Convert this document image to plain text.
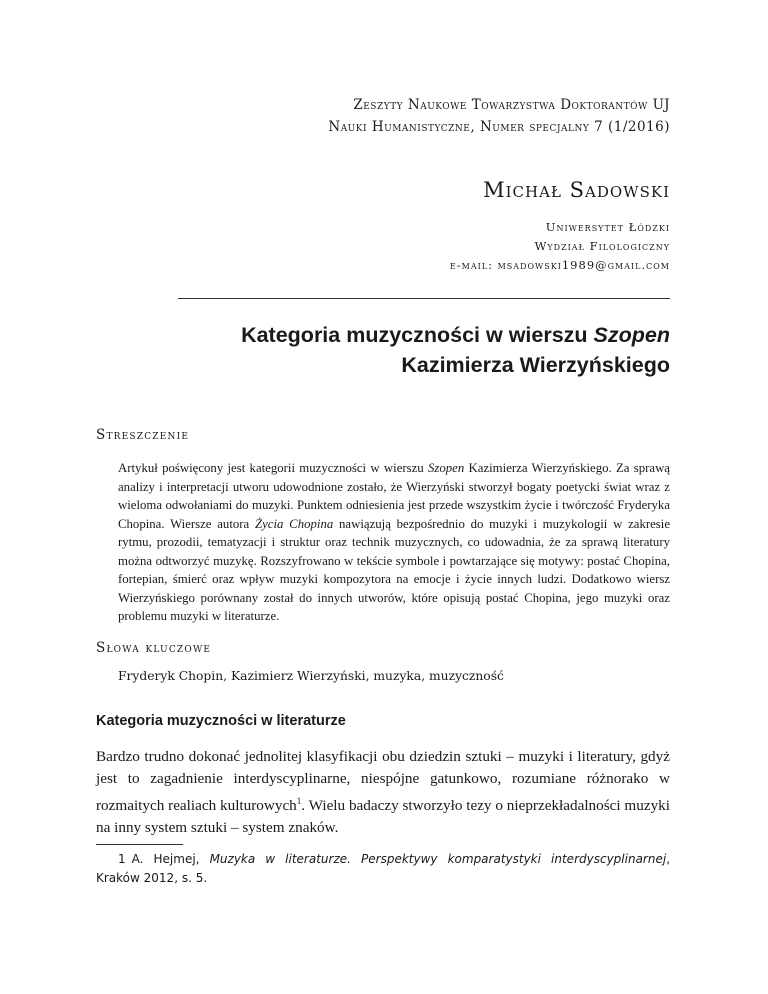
Zeszyty Naukowe Towarzystwa Doktorantów UJ
Nauki Humanistyczne, Numer specjalny 7 (1/2016)
Michał Sadowski
Uniwersytet Łódzki
Wydział Filologiczny
e-mail: msadowski1989@gmail.com
Kategoria muzyczności w wierszu Szopen
Kazimierza Wierzyńskiego
Streszczenie
Artykuł poświęcony jest kategorii muzyczności w wierszu Szopen Kazimierza Wierzyńskiego. Za sprawą analizy i interpretacji utworu udowodnione zostało, że Wierzyński stworzył bogaty poetycki świat wraz z wieloma odwołaniami do muzyki. Punktem odniesienia jest przede wszystkim życie i twórczość Fryderyka Chopina. Wiersze autora Życia Chopina nawiązują bezpośrednio do muzyki i muzykologii w zakresie rytmu, prozodii, tematyzacji i struktur oraz technik muzycznych, co udowadnia, że za sprawą literatury można odtworzyć muzykę. Rozszyfrowano w tekście symbole i powtarzające się motywy: postać Chopina, fortepian, śmierć oraz wpływ muzyki kompozytora na emocje i życie innych ludzi. Dodatkowo wiersz Wierzyńskiego porównany został do innych utworów, które opisują postać Chopina, jego muzyki oraz problemu muzyki w literaturze.
Słowa kluczowe
Fryderyk Chopin, Kazimierz Wierzyński, muzyka, muzyczność
Kategoria muzyczności w literaturze
Bardzo trudno dokonać jednolitej klasyfikacji obu dziedzin sztuki – muzyki i literatury, gdyż jest to zagadnienie interdyscyplinarne, niespójne gatunkowo, rozumiane różnorako w rozmaitych realiach kulturowych$^1$. Wielu badaczy stworzyło tezy o nieprzekładalności muzyki na inny system sztuki – system znaków.
1 A. Hejmej, Muzyka w literaturze. Perspektywy komparatystyki interdyscyplinarnej, Kraków 2012, s. 5.
